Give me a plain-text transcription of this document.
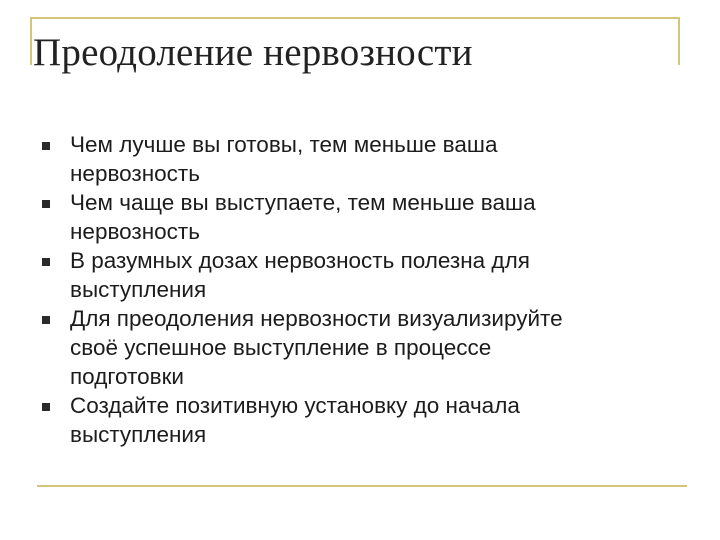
Преодоление нервозности
Чем лучше вы готовы, тем меньше ваша
нервозность
Чем чаще вы выступаете, тем меньше ваша
нервозность
В разумных дозах нервозность полезна для
выступления
Для преодоления нервозности визуализируйте
своё успешное выступление в процессе
подготовки
Создайте позитивную установку до начала
выступления
